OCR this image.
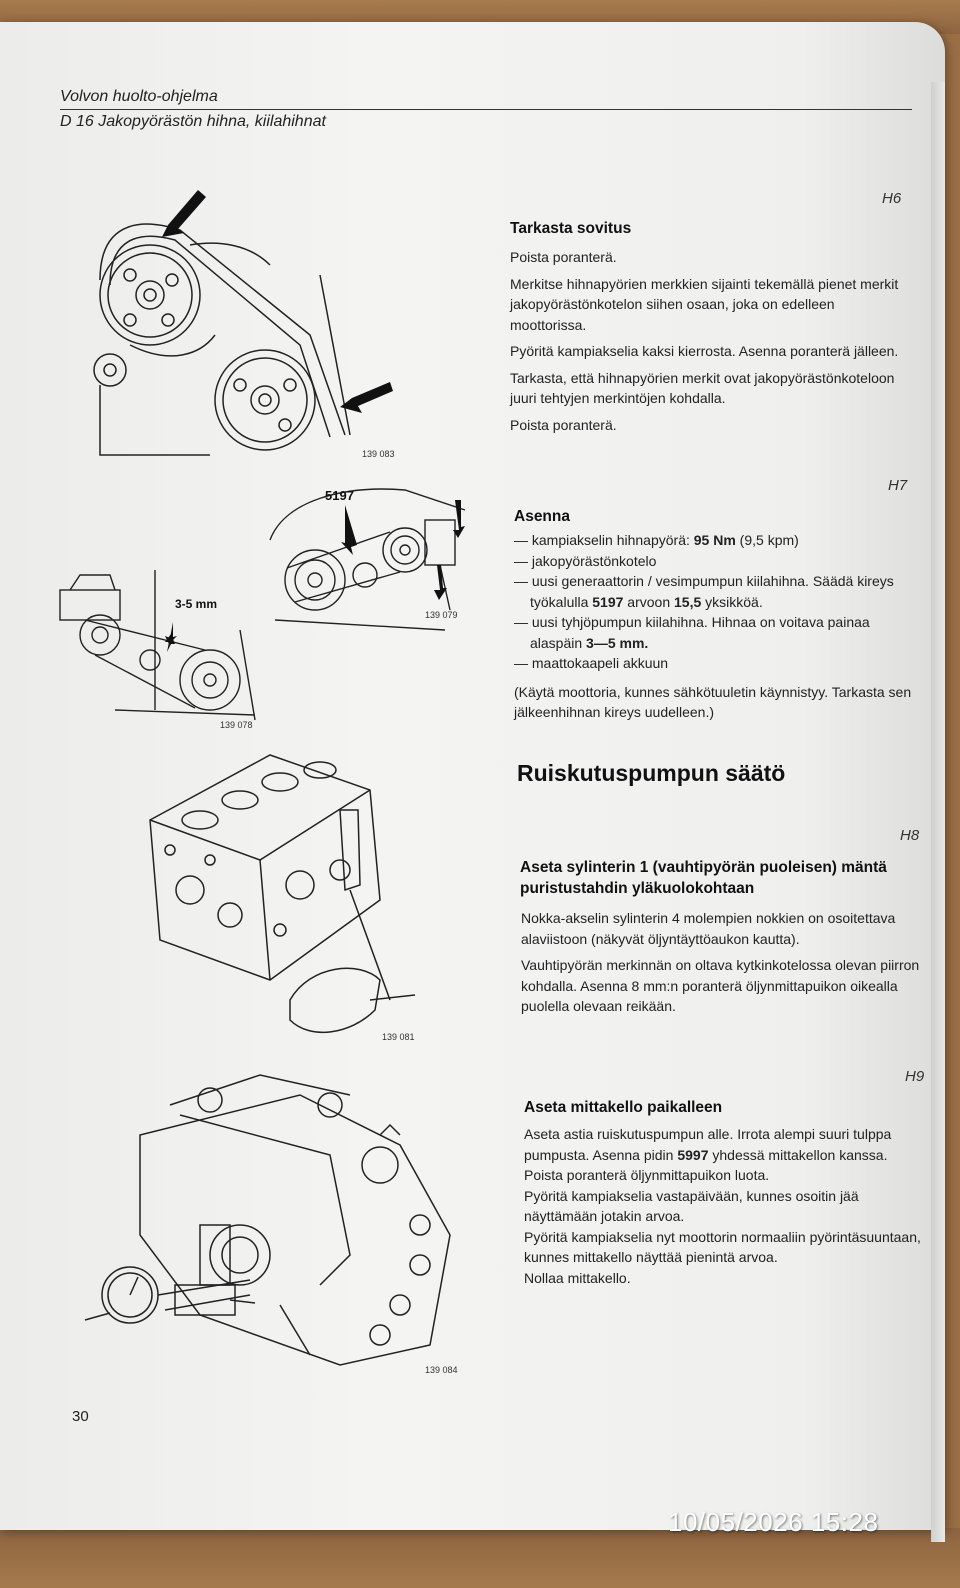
Volvon huolto-ohjelma
D 16 Jakopyörästön hihna, kiilahihnat
139 083
5197
139 079
3-5 mm
139 078
139 081
139 084
H6
Tarkasta sovitus

Poista poranterä.

Merkitse hihnapyörien merkkien sijainti tekemällä pienet merkit jakopyörästönkotelon siihen osaan, joka on edelleen moottorissa.

Pyöritä kampiakselia kaksi kierrosta. Asenna poranterä jälleen.

Tarkasta, että hihnapyörien merkit ovat jakopyörästönkoteloon juuri tehtyjen merkintöjen kohdalla.

Poista poranterä.

H7
Asenna
— kampiakselin hihnapyörä: 95 Nm (9,5 kpm)
— jakopyörästönkotelo
— uusi generaattorin / vesimpumpun kiilahihna. Säädä kireys työkalulla 5197 arvoon 15,5 yksikköä.
— uusi tyhjöpumpun kiilahihna. Hihnaa on voitava painaa alaspäin 3—5 mm.
— maattokaapeli akkuun

(Käytä moottoria, kunnes sähkötuuletin käynnistyy. Tarkasta sen jälkeenhihnan kireys uudelleen.)

Ruiskutuspumpun säätö
H8
Aseta sylinterin 1 (vauhtipyörän puoleisen) mäntä puristustahdin yläkuolokohtaan

Nokka-akselin sylinterin 4 molempien nokkien on osoitettava alaviistoon (näkyvät öljyntäyttöaukon kautta).

Vauhtipyörän merkinnän on oltava kytkinkotelossa olevan piirron kohdalla. Asenna 8 mm:n poranterä öljynmittapuikon oikealla puolella olevaan reikään.

H9
Aseta mittakello paikalleen

Aseta astia ruiskutuspumpun alle. Irrota alempi suuri tulppa pumpusta. Asenna pidin 5997 yhdessä mittakellon kanssa.

Poista poranterä öljynmittapuikon luota.

Pyöritä kampiakselia vastapäivään, kunnes osoitin jää näyttämään jotakin arvoa.

Pyöritä kampiakselia nyt moottorin normaaliin pyörintäsuuntaan, kunnes mittakello näyttää pienintä arvoa.

Nollaa mittakello.

30
10/05/2026 15:28
